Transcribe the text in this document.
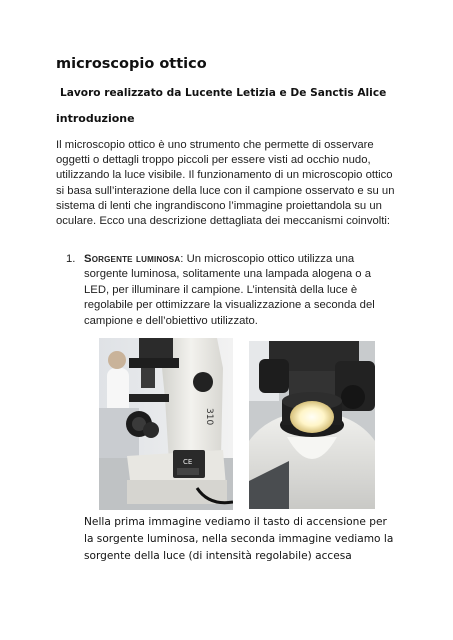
microscopio ottico
Lavoro realizzato da Lucente Letizia e De Sanctis Alice
introduzione
Il microscopio ottico è uno strumento che permette di osservare oggetti o dettagli troppo piccoli per essere visti ad occhio nudo, utilizzando la luce visibile. Il funzionamento di un microscopio ottico si basa sull’interazione della luce con il campione osservato e su un sistema di lenti che ingrandiscono l’immagine proiettandola su un oculare. Ecco una descrizione dettagliata dei meccanismi coinvolti:
1. Sorgente luminosa: Un microscopio ottico utilizza una sorgente luminosa, solitamente una lampada alogena o a LED, per illuminare il campione. L’intensità della luce è regolabile per ottimizzare la visualizzazione a seconda del campione e dell’obiettivo utilizzato.
CE
310
Nella prima immagine vediamo il tasto di accensione per la sorgente luminosa, nella seconda immagine vediamo la sorgente della luce (di intensità regolabile) accesa
